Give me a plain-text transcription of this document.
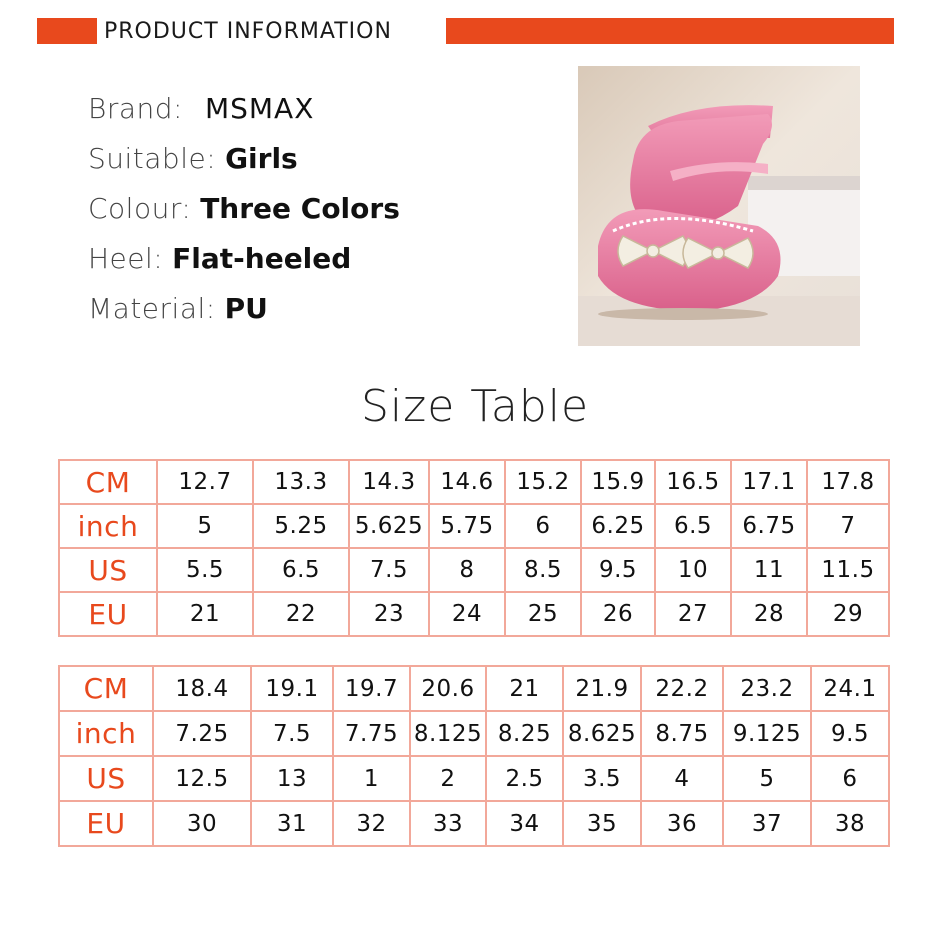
PRODUCT INFORMATION
Brand: MSMAX
Suitable: Girls
Colour: Three Colors
Heel: Flat-heeled
Material: PU
Size Table
CM	12.7	13.3	14.3	14.6	15.2	15.9	16.5	17.1	17.8
inch	5	5.25	5.625	5.75	6	6.25	6.5	6.75	7
US	5.5	6.5	7.5	8	8.5	9.5	10	11	11.5
EU	21	22	23	24	25	26	27	28	29
CM	18.4	19.1	19.7	20.6	21	21.9	22.2	23.2	24.1
inch	7.25	7.5	7.75	8.125	8.25	8.625	8.75	9.125	9.5
US	12.5	13	1	2	2.5	3.5	4	5	6
EU	30	31	32	33	34	35	36	37	38
